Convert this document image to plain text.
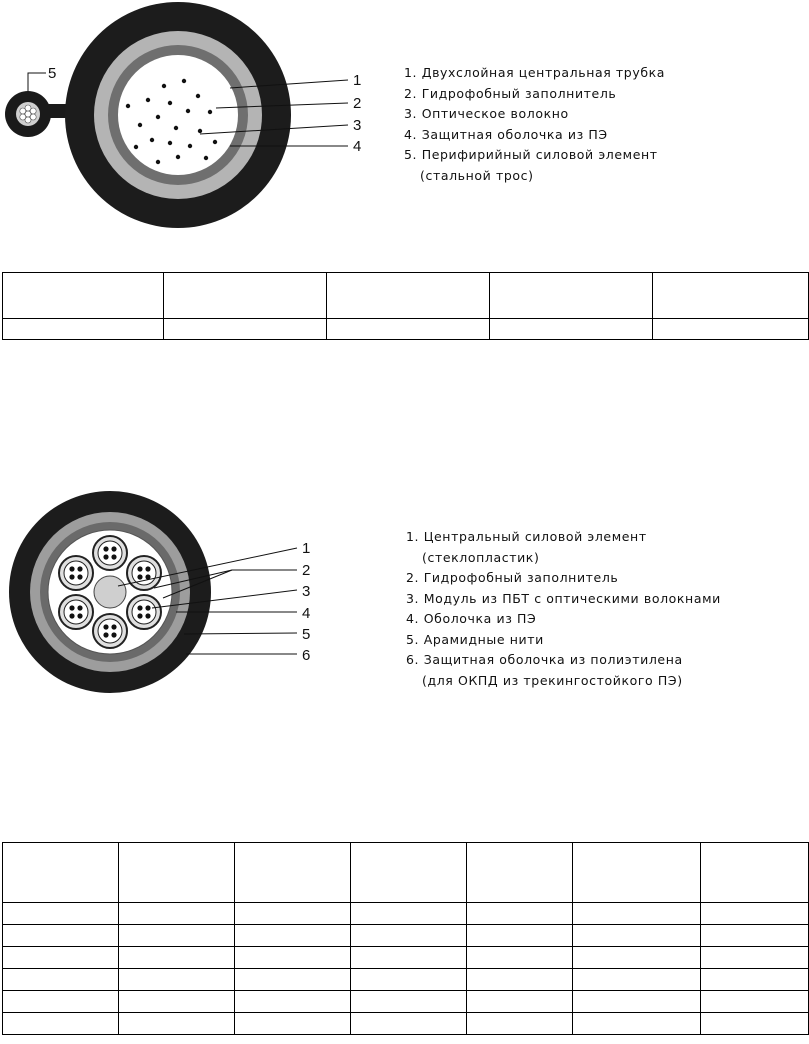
1
2
3
4
5	1. Двухслойная центральная трубка
2. Гидрофобный заполнитель
3. Оптическое волокно
4. Защитная оболочка из ПЭ
5. Перифирийный силовой элемент
(стальной трос)

1
2
3
4
5
6
1. Центральный силовой элемент
(стеклопластик)
2. Гидрофобный заполнитель
3. Модуль из ПБТ с оптическими волокнами
4. Оболочка из ПЭ
5. Арамидные нити
6. Защитная оболочка из полиэтилена
(для ОКПД из трекингостойкого ПЭ)
